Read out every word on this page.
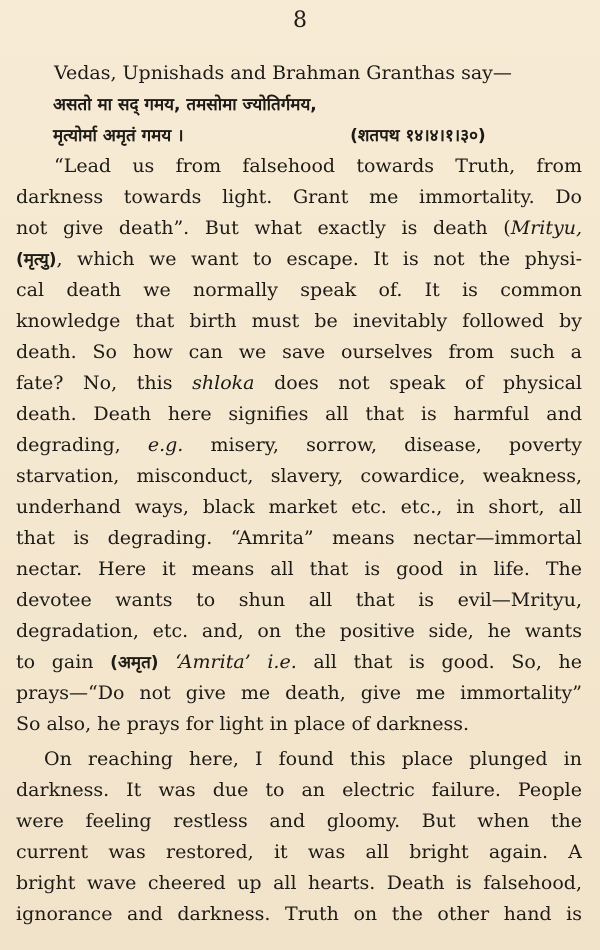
8
Vedas, Upnishads and Brahman Granthas say—
असतो मा सद् गमय, तमसोमा ज्योतिर्गमय,
मृत्योर्मा अमृतं गमय ।	(शतपथ १४।४।१।३०)
“Lead us from falsehood towards Truth, from
darkness towards light. Grant me immortality. Do
not give death”. But what exactly is death (Mrityu,
(मृत्यु), which we want to escape. It is not the physi-
cal death we normally speak of. It is common
knowledge that birth must be inevitably followed by
death. So how can we save ourselves from such a
fate? No, this shloka does not speak of physical
death. Death here signifies all that is harmful and
degrading, e.g. misery, sorrow, disease, poverty
starvation, misconduct, slavery, cowardice, weakness,
underhand ways, black market etc. etc., in short, all
that is degrading. “Amrita” means nectar—immortal
nectar. Here it means all that is good in life. The
devotee wants to shun all that is evil—Mrityu,
degradation, etc. and, on the positive side, he wants
to gain (अमृत) ‘Amrita’ i.e. all that is good. So, he
prays—“Do not give me death, give me immortality”
So also, he prays for light in place of darkness.
On reaching here, I found this place plunged in
darkness. It was due to an electric failure. People
were feeling restless and gloomy. But when the
current was restored, it was all bright again. A
bright wave cheered up all hearts. Death is falsehood,
ignorance and darkness. Truth on the other hand is
